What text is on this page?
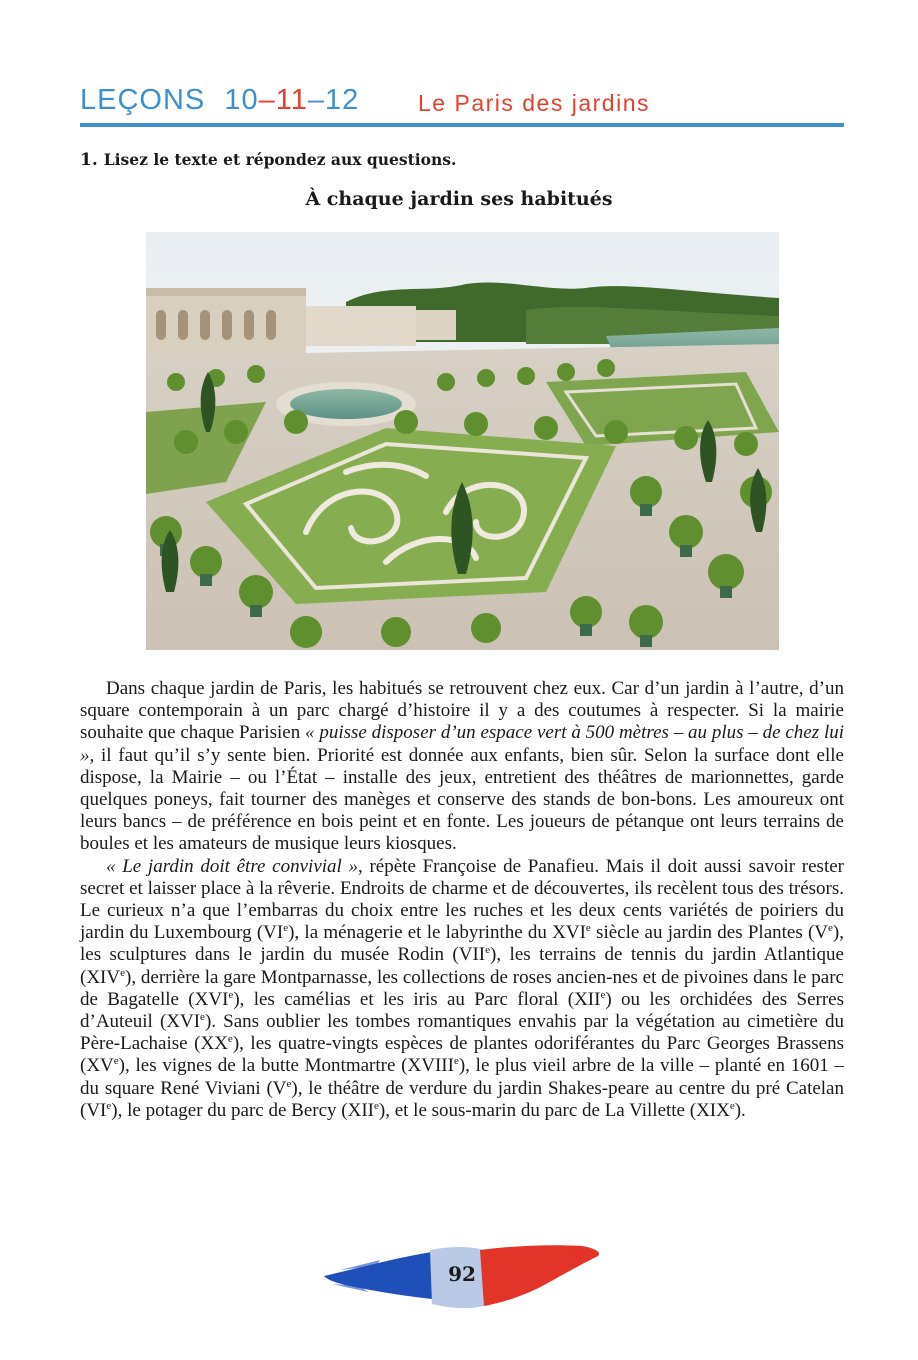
LEÇONS 10–11–12	Le Paris des jardins
1. Lisez le texte et répondez aux questions.
À chaque jardin ses habitués

Dans chaque jardin de Paris, les habitués se retrouvent chez eux. Car d’un jardin à l’autre, d’un square contemporain à un parc chargé d’histoire il y a des coutumes à respecter. Si la mairie souhaite que chaque Parisien « puisse disposer d’un espace vert à 500 mètres – au plus – de chez lui », il faut qu’il s’y sente bien. Priorité est donnée aux enfants, bien sûr. Selon la surface dont elle dispose, la Mairie – ou l’État – installe des jeux, entretient des théâtres de marionnettes, garde quelques poneys, fait tourner des manèges et conserve des stands de bon-bons. Les amoureux ont leurs bancs – de préférence en bois peint et en fonte. Les joueurs de pétanque ont leurs terrains de boules et les amateurs de musique leurs kiosques.

« Le jardin doit être convivial », répète Françoise de Panafieu. Mais il doit aussi savoir rester secret et laisser place à la rêverie. Endroits de charme et de découvertes, ils recèlent tous des trésors. Le curieux n’a que l’embarras du choix entre les ruches et les deux cents variétés de poiriers du jardin du Luxembourg (VIe), la ménagerie et le labyrinthe du XVIe siècle au jardin des Plantes (Ve), les sculptures dans le jardin du musée Rodin (VIIe), les terrains de tennis du jardin Atlantique (XIVe), derrière la gare Montparnasse, les collections de roses ancien-nes et de pivoines dans le parc de Bagatelle (XVIe), les camélias et les iris au Parc floral (XIIe) ou les orchidées des Serres d’Auteuil (XVIe). Sans oublier les tombes romantiques envahis par la végétation au cimetière du Père-Lachaise (XXe), les quatre-vingts espèces de plantes odoriférantes du Parc Georges Brassens (XVe), les vignes de la butte Montmartre (XVIIIe), le plus vieil arbre de la ville – planté en 1601 – du square René Viviani (Ve), le théâtre de verdure du jardin Shakes-peare au centre du pré Catelan (VIe), le potager du parc de Bercy (XIIe), et le sous-marin du parc de La Villette (XIXe).

92
